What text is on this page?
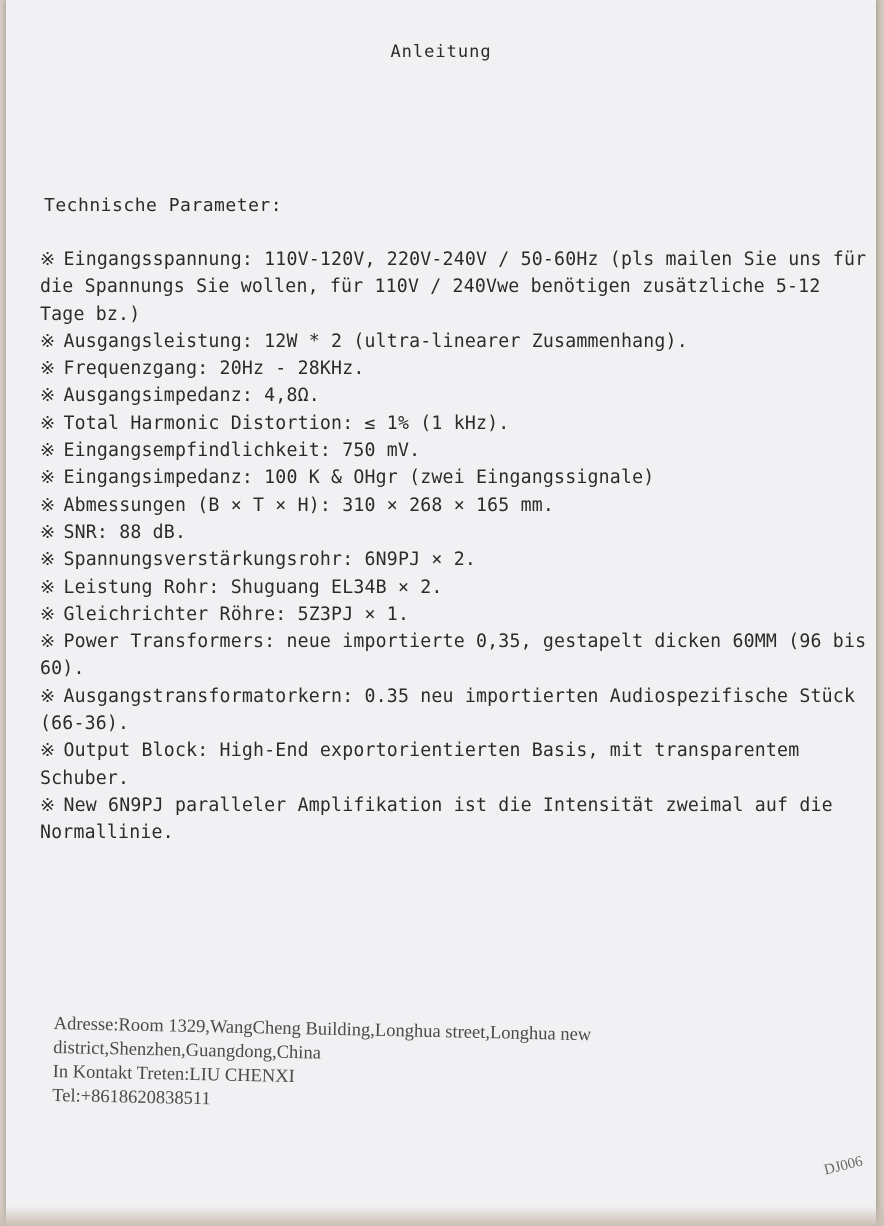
Anleitung
Technische Parameter:
※ Eingangsspannung: 110V-120V, 220V-240V / 50-60Hz (pls mailen Sie uns für die Spannungs Sie wollen, für 110V / 240Vwe benötigen zusätzliche 5-12 Tage bz.)
※ Ausgangsleistung: 12W * 2 (ultra-linearer Zusammenhang).
※ Frequenzgang: 20Hz - 28KHz.
※ Ausgangsimpedanz: 4,8Ω.
※ Total Harmonic Distortion: ≤ 1% (1 kHz).
※ Eingangsempfindlichkeit: 750 mV.
※ Eingangsimpedanz: 100 K & OHgr (zwei Eingangssignale)
※ Abmessungen (B × T × H): 310 × 268 × 165 mm.
※ SNR: 88 dB.
※ Spannungsverstärkungsrohr: 6N9PJ × 2.
※ Leistung Rohr: Shuguang EL34B × 2.
※ Gleichrichter Röhre: 5Z3PJ × 1.
※ Power Transformers: neue importierte 0,35, gestapelt dicken 60MM (96 bis 60).
※ Ausgangstransformatorkern: 0.35 neu importierten Audiospezifische Stück (66-36).
※ Output Block: High-End exportorientierten Basis, mit transparentem Schuber.
※ New 6N9PJ paralleler Amplifikation ist die Intensität zweimal auf die Normallinie.
Adresse:Room 1329,WangCheng Building,Longhua street,Longhua new
district,Shenzhen,Guangdong,China
In Kontakt Treten:LIU CHENXI
Tel:+8618620838511
DJ006
